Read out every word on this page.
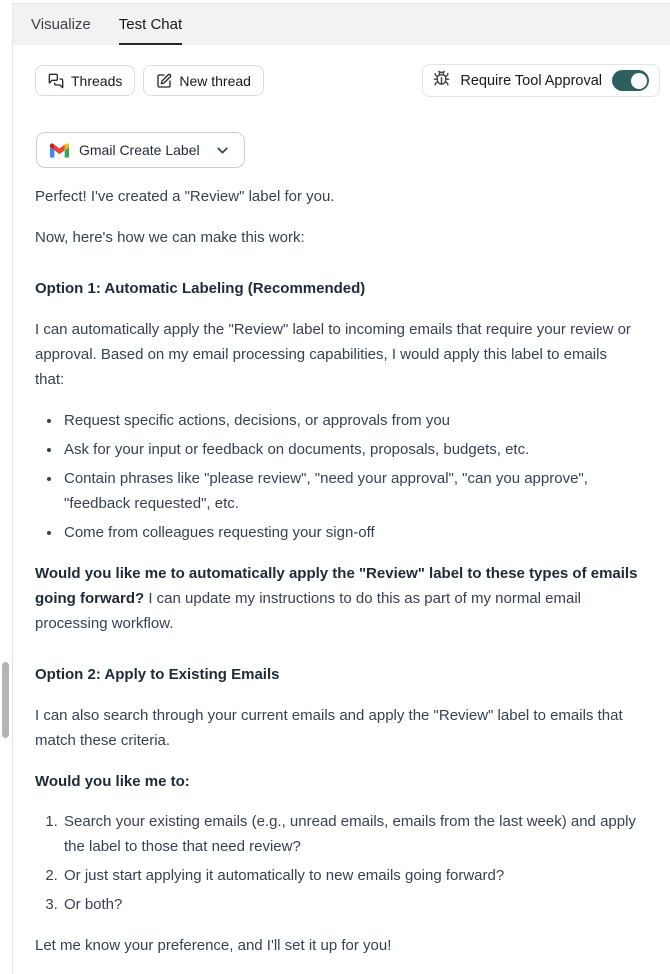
Visualize Test Chat
Threads	New thread	Require Tool Approval
Gmail Create Label

Perfect! I've created a "Review" label for you.

Now, here's how we can make this work:

Option 1: Automatic Labeling (Recommended)

I can automatically apply the "Review" label to incoming emails that require your review or approval. Based on my email processing capabilities, I would apply this label to emails that:

• Request specific actions, decisions, or approvals from you
• Ask for your input or feedback on documents, proposals, budgets, etc.
• Contain phrases like "please review", "need your approval", "can you approve", "feedback requested", etc.
• Come from colleagues requesting your sign-off

Would you like me to automatically apply the "Review" label to these types of emails going forward? I can update my instructions to do this as part of my normal email processing workflow.

Option 2: Apply to Existing Emails

I can also search through your current emails and apply the "Review" label to emails that match these criteria.

Would you like me to:

1. Search your existing emails (e.g., unread emails, emails from the last week) and apply the label to those that need review?
2. Or just start applying it automatically to new emails going forward?
3. Or both?

Let me know your preference, and I'll set it up for you!
